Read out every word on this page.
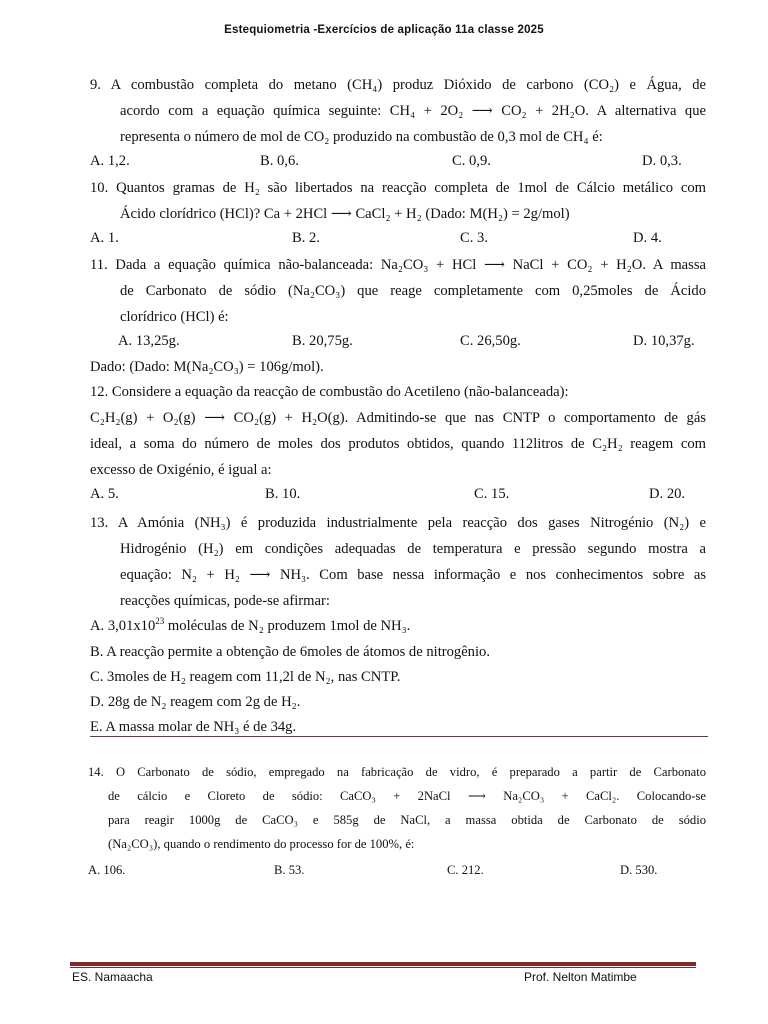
Estequiometria -Exercícios de aplicação 11a classe 2025
9. A combustão completa do metano (CH₄) produz Dióxido de carbono (CO₂) e Água, de
acordo com a equação química seguinte: CH₄ + 2O₂ ⟶ CO₂ + 2H₂O. A alternativa que
representa o número de mol de CO₂ produzido na combustão de 0,3 mol de CH₄ é:
A. 1,2.	B. 0,6.	C. 0,9.	D. 0,3.
10. Quantos gramas de H₂ são libertados na reacção completa de 1mol de Cálcio metálico com
Ácido clorídrico (HCl)? Ca + 2HCl ⟶ CaCl₂ + H₂ (Dado: M(H₂) = 2g/mol)
A. 1.	B. 2.	C. 3.	D. 4.
11. Dada a equação química não-balanceada: Na₂CO₃ + HCl ⟶ NaCl + CO₂ + H₂O. A massa
de Carbonato de sódio (Na₂CO₃) que reage completamente com 0,25moles de Ácido
clorídrico (HCl) é:
A. 13,25g.	B. 20,75g.	C. 26,50g.	D. 10,37g.
Dado: (Dado: M(Na₂CO₃) = 106g/mol).
12. Considere a equação da reacção de combustão do Acetileno (não-balanceada):
C₂H₂(g) + O₂(g) ⟶ CO₂(g) + H₂O(g). Admitindo-se que nas CNTP o comportamento de gás
ideal, a soma do número de moles dos produtos obtidos, quando 112litros de C₂H₂ reagem com
excesso de Oxigénio, é igual a:
A. 5.	B. 10.	C. 15.	D. 20.
13. A Amónia (NH₃) é produzida industrialmente pela reacção dos gases Nitrogénio (N₂) e
Hidrogénio (H₂) em condições adequadas de temperatura e pressão segundo mostra a
equação: N₂ + H₂ ⟶ NH₃. Com base nessa informação e nos conhecimentos sobre as
reacções químicas, pode-se afirmar:
A. $3,01x10^{23}$ moléculas de N₂ produzem 1mol de NH₃.
B. A reacção permite a obtenção de 6moles de átomos de nitrogênio.
C. 3moles de H₂ reagem com 11,2l de N₂, nas CNTP.
D. 28g de N₂ reagem com 2g de H₂.
E. A massa molar de NH₃ é de 34g.
14. O Carbonato de sódio, empregado na fabricação de vidro, é preparado a partir de Carbonato
de cálcio e Cloreto de sódio: CaCO₃ + 2NaCl ⟶ Na₂CO₃ + CaCl₂. Colocando-se
para reagir 1000g de CaCO₃ e 585g de NaCl, a massa obtida de Carbonato de sódio
(Na₂CO₃), quando o rendimento do processo for de 100%, é:
A. 106.	B. 53.	C. 212.	D. 530.
ES. Namaacha	Prof. Nelton Matimbe
